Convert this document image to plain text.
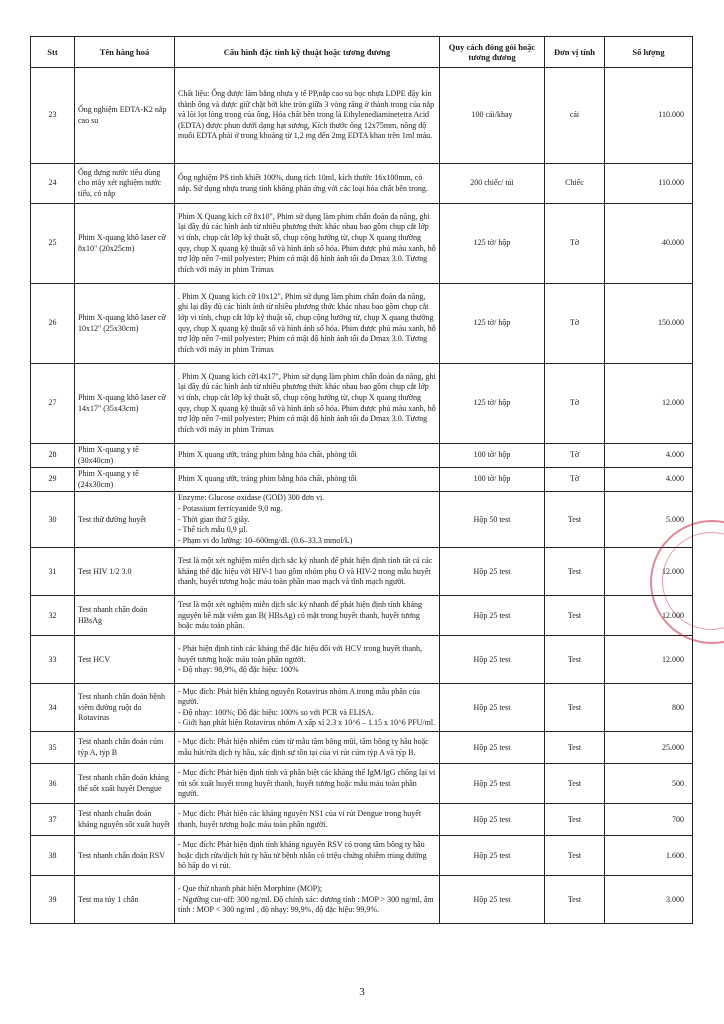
Stt	Tên hàng hoá	Cấu hình đặc tính kỹ thuật hoặc tương đương	Quy cách đóng gói hoặc tương đương	Đơn vị tính	Số lượng
23	Ống nghiệm EDTA-K2 nắp cao su	Chất liệu: Ống được làm bằng nhựa y tế PP,nắp cao su bọc nhựa LDPE đậy kín thành ống và được giữ chặt bởi khe tròn giữa 3 vòng răng ở thành trong của nắp và lõi lọt lòng trong của ống, Hóa chất bên trong là Ethylenediaminetetra Acid (EDTA) được phun dưới dạng hạt sương, Kích thước ống 12x75mm, nồng độ muối EDTA phải ở trong khoảng từ 1,2 mg đến 2mg EDTA khan trên 1ml máu.	100 cái/khay	cái	110.000
24	Ống đựng nước tiểu dùng cho máy xét nghiệm nước tiểu, có nắp	Ống nghiệm PS tinh khiết 100%, dung tích 10ml, kích thước 16x100mm, có nắp. Sử dụng nhựa trung tính không phản ứng với các loại hóa chất bên trong.	200 chiếc/ túi	Chiếc	110.000
25	Phim X-quang khô laser cỡ 8x10" (20x25cm)	Phim X Quang kích cỡ 8x10", Phim sử dụng làm phim chẩn đoán đa năng, ghi lại đầy đủ các hình ảnh từ nhiều phương thức khác nhau bao gồm chụp cắt lớp vi tính, chụp cắt lớp kỹ thuật số, chụp cộng hưởng từ, chụp X quang thường quy, chụp X quang kỹ thuật số và hình ảnh số hóa. Phim được phủ màu xanh, hỗ trợ lớp nền 7-mil polyester; Phim có mật độ hình ảnh tối đa Dmax 3.0. Tương thích với máy in phim Trimax	125 tờ/ hộp	Tờ	40.000
26	Phim X-quang khô laser cỡ 10x12" (25x30cm)	. Phim X Quang kích cỡ 10x12", Phim sử dụng làm phim chẩn đoán đa năng, ghi lại đầy đủ các hình ảnh từ nhiều phương thức khác nhau bao gồm chụp cắt lớp vi tính, chụp cắt lớp kỹ thuật số, chụp cộng hưởng từ, chụp X quang thường quy, chụp X quang kỹ thuật số và hình ảnh số hóa. Phim được phủ màu xanh, hỗ trợ lớp nền 7-mil polyester; Phim có mật độ hình ảnh tối đa Dmax 3.0. Tương thích với máy in phim Trimax	125 tờ/ hộp	Tờ	150.000
27	Phim X-quang khô laser cỡ 14x17" (35x43cm)	. Phim X Quang kích cỡ14x17", Phim sử dụng làm phim chẩn đoán đa năng, ghi lại đầy đủ các hình ảnh từ nhiều phương thức khác nhau bao gồm chụp cắt lớp vi tính, chụp cắt lớp kỹ thuật số, chụp cộng hưởng từ, chụp X quang thường quy, chụp X quang kỹ thuật số và hình ảnh số hóa. Phim được phủ màu xanh, hỗ trợ lớp nền 7-mil polyester; Phim có mật độ hình ảnh tối đa Dmax 3.0. Tương thích với máy in phim Trimax	125 tờ/ hộp	Tờ	12.000
28	Phim X-quang y tế (30x40cm)	Phim X quang ướt, tráng phim bằng hóa chất, phòng tối	100 tờ/ hộp	Tờ	4.000
29	Phim X-quang y tế (24x30cm)	Phim X quang ướt, tráng phim bằng hóa chất, phòng tối	100 tờ/ hộp	Tờ	4.000
30	Test thử đường huyết	Enzyme: Glucose oxidase (GOD) 300 đơn vị.
- Potassium ferricyanide 9,0 mg.
- Thời gian thử 5 giây.
- Thể tích mẫu 0,9 µl.
- Phạm vi đo lường: 10–600mg/dL (0.6–33.3 mmol/L)	Hộp 50 test	Test	5.000
31	Test HIV 1/2 3.0	Test là một xét nghiệm miễn dịch sắc ký nhanh để phát hiện định tính tất cả các kháng thể đặc hiệu với HIV-1 bao gồm nhóm phụ O và HIV-2 trong mẫu huyết thanh, huyết tương hoặc máu toàn phần mao mạch và tĩnh mạch người.	Hộp 25 test	Test	12.000
32	Test nhanh chẩn đoán HBsAg	Test là một xét nghiệm miễn dịch sắc ký nhanh để phát hiện định tính kháng nguyên bề mặt viêm gan B( HBsAg) có mặt trong huyết thanh, huyết tương hoặc máu toàn phần.	Hộp 25 test	Test	12.000
33	Test HCV	- Phát hiện định tính các kháng thể đặc hiệu đối với HCV trong huyết thanh, huyết tương hoặc máu toàn phần người.
- Độ nhạy: 98,9%, độ đặc hiệu: 100%	Hộp 25 test	Test	12.000
34	Test nhanh chẩn đoán bệnh viêm đường ruột do Rotavirus	- Mục đích: Phát hiện kháng nguyên Rotavirus nhóm A trong mẫu phân của người.
- Độ nhạy: 100%; Độ đặc hiệu: 100% so với PCR và ELISA.
- Giới hạn phát hiện Rotavirus nhóm A xấp xỉ 2.3 x 10^6 – 1.15 x 10^6 PFU/ml.	Hộp 25 test	Test	800
35	Test nhanh chẩn đoán cúm týp A, týp B	- Mục đích: Phát hiện nhiễm cúm từ mẫu tăm bông mũi, tăm bông tỵ hầu hoặc mẫu hút/rửa dịch tỵ hầu, xác định sự tồn tại của vi rút cúm týp A và týp B.	Hộp 25 test	Test	25.000
36	Test nhanh chẩn đoán kháng thể sốt xuất huyết Dengue	- Mục đích: Phát hiện định tính và phân biệt các kháng thể IgM/IgG chống lại vi rút sốt xuất huyết trong huyết thanh, huyết tương hoặc mẫu máu toàn phần người.	Hộp 25 test	Test	500
37	Test nhanh chuẩn đoán kháng nguyên sốt xuất huyết	- Mục đích: Phát hiện các kháng nguyên NS1 của vi rút Dengue trong huyết thanh, huyết tương hoặc máu toàn phần người.	Hộp 25 test	Test	700
38	Test nhanh chẩn đoán RSV	- Mục đích: Phát hiện định tính kháng nguyên RSV có trong tăm bông tỵ hầu hoặc dịch rửa/dịch hút tỵ hầu từ bệnh nhân có triệu chứng nhiễm trùng đường hô hấp do vi rút.	Hộp 25 test	Test	1.600
39	Test ma túy 1 chân	- Que thử nhanh phát hiện Morphine (MOP);
- Ngưỡng cut-off: 300 ng/ml. Độ chính xác: dương tính : MOP > 300 ng/ml, âm tính : MOP < 300 ng/ml , độ nhạy: 99,9%, độ đặc hiệu: 99,9%.	Hộp 25 test	Test	3.000
3
